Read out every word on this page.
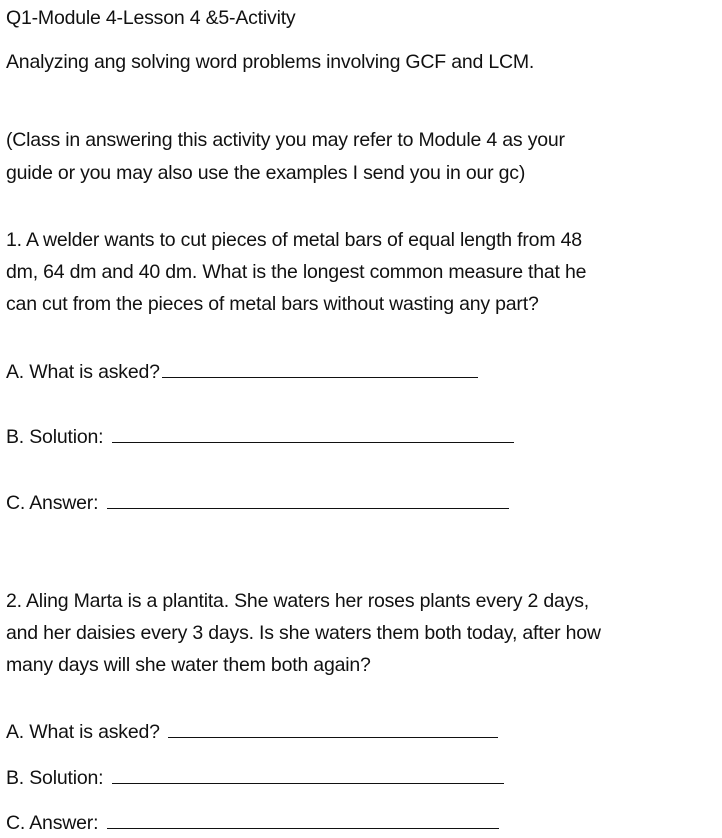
Q1-Module 4-Lesson 4 &5-Activity
Analyzing ang solving word problems involving GCF and LCM.
(Class in answering this activity you may refer to Module 4 as your
guide or you may also use the examples I send you in our gc)
1. A welder wants to cut pieces of metal bars of equal length from 48
dm, 64 dm and 40 dm. What is the longest common measure that he
can cut from the pieces of metal bars without wasting any part?
A. What is asked?
B. Solution:
C. Answer:
2. Aling Marta is a plantita. She waters her roses plants every 2 days,
and her daisies every 3 days. Is she waters them both today, after how
many days will she water them both again?
A. What is asked?
B. Solution:
C. Answer:
